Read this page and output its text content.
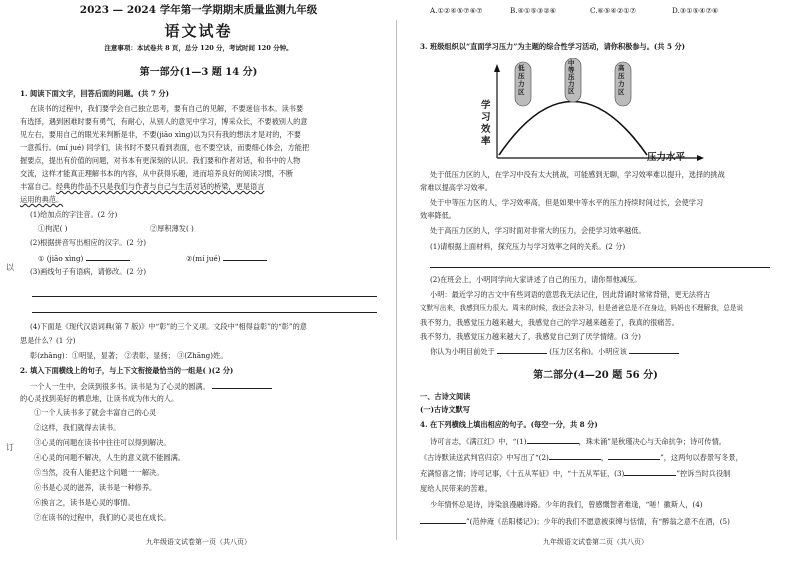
2023 — 2024 学年第一学期期末质量监测九年级
语文试卷
注意事项：本试卷共 8 页，总分 120 分，考试时间 120 分钟。
第一部分(1—3 题 14 分)
1. 阅读下面文字，回答后面的问题。(共 7 分)
在读书的过程中，我们要学会自己独立思考，要有自己的见解，不要迷信书本。读书要
有选择，遇到困难时要有勇气，有耐心，从别人的意见中学习，博采众长，不要被别人的意
见左右，要用自己的眼光来判断是非，不要(jiāo xìng)以为只有我的想法才是对的，不要
一意孤行。(mí jué) 同学们，读书时不要只看到表面，也不要空谈，而要细心体会，方能把
握要点，提出有价值的问题，对书本有更深刻的认识。我们要和作者对话，和书中的人物
交流，这样才能真正理解书本的内容，从中获得乐趣，进而培养良好的阅读习惯，不断
丰富自己。经典的作品不只是我们与作者与自己与生活对话的桥梁，更是语言
运用的典范。
(1)给加点的字注音。(2 分)
①拘泥( )	②厚积薄发( )
(2)根据拼音写出相应的汉字。(2 分)
① (jiāo xìng)	②(mí jué)
(3)画线句子有语病，请修改。(2 分)
(4)下面是《现代汉语词典(第 7 版)》中“彰”的三个义项。文段中“相得益彰”的“彰”的意
思是什么？(1 分)
彰(zhāng)：①明显，显著； ②表彰，显扬； ③(Zhāng)姓。
2. 填入下面横线上的句子，与上下文衔接最恰当的一组是( )(2 分)
一个人一生中，会读到很多书。读书是为了心灵的圆满。
的心灵找到美好的栖息地，让读书成为伟大的人。
①一个人读书多了就会丰富自己的心灵
②这样，我们就得去读书。
③心灵的问题在读书中往往可以得到解决。
④心灵的问题不解决，人生的意义就不能圆满。
⑤当然，没有人能把这个问题一一解决。
⑥书是心灵的滋养，读书是一种修养。
⑥换言之，读书是心灵的事情。
⑦在读书的过程中，我们的心灵也在成长。
九年级语文试卷第一页（共八页）
以
订
A.①②④⑤⑦⑥⑦	B.④①⑤③②⑥	C.⑥⑤④②①⑦	D.③①⑤④⑦⑥
3. 班级组织以“直面学习压力”为主题的综合性学习活动，请你积极参与。(共 5 分)
低压力区
中等压力区
高压力区
学习效率
压力水平
处于低压力区的人，在学习中没有太大挑战，可能感到无聊，学习效率难以提升，选择的挑战
常难以提高学习效率。
处于中等压力区的人，学习效率高，但是如果中等水平的压力持续时间过长，会使学习
效率降低。
处于高压力区的人，学习时面对非常大的压力，会使学习效率越低。
(1)请根据上面材料，探究压力与学习效率之间的关系。(2 分)
(2)在班会上，小明同学向大家讲述了自己的压力，请你帮他减压。
小明：最近学习的古文中有些词语的意思我无法记住，因此背诵时常常背错，更无法将古
文默写出来，我感到压力很大。周末的时候，我还会去补习，但是爸爸总是不在身边，妈妈也不理解我，总是说
我不努力，我感觉压力越来越大，我感觉自己的学习越来越差了，我真的很痛苦。
我不努力，我感觉压力越来越大了，我感觉自己到了厌学情绪。(3 分)
你认为小明目前处于	(压力区名称)。小明应该
第二部分(4—20 题 56 分)
一、古诗文阅读
(一)古诗文默写
4. 在下列横线上填出相应的句子。(每空一分，共 8 分)
诗可言志，《满江红》中，“(1)	，珠未涌”是秋瑾决心与天命抗争；诗可传情。
《古诗默读送武判官归京》中写出了“(2)	，	”，这两句以春景写冬景，
充满惊喜之情；诗可记事，《十五从军征》中，“十五从军征，(3)	”控诉当时兵役制
度给人民带来的苦难。
少年情怀总是诗，诗染浪漫融诗路。少年的我们，曾感慨智者难逢，“嗟！徽斯人，(4)
”(范仲淹《岳阳楼记》)；少年的我们不愿意被束缚与恬情，有“醉翁之意不在酒，(5)
九年级语文试卷第二页（共八页）
